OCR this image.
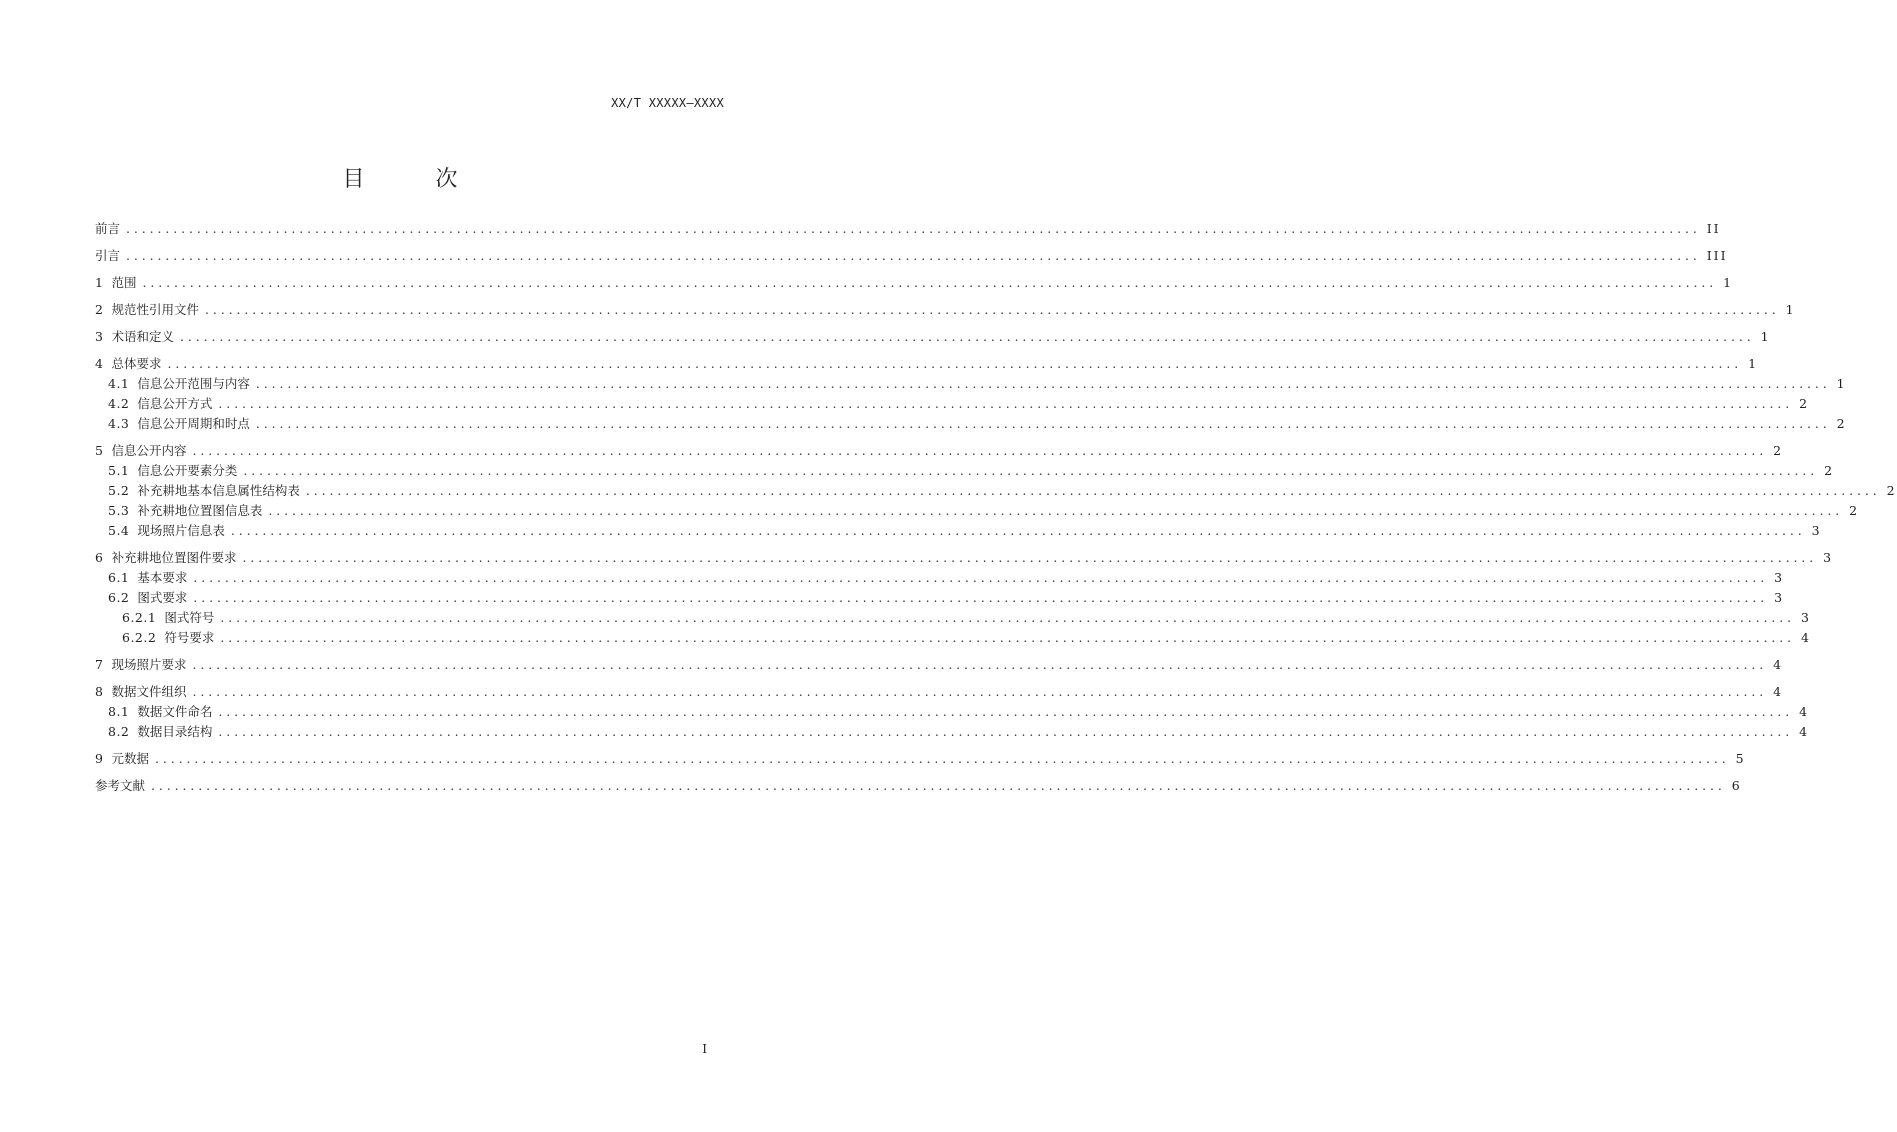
XX/T XXXXX—XXXX
目 次
前言 ........................................................................................................................................................................................................ II
引言 ........................................................................................................................................................................................................ III
1 范围 ........................................................................................................................................................................................................ 1
2 规范性引用文件 ........................................................................................................................................................................................................ 1
3 术语和定义 ........................................................................................................................................................................................................ 1
4 总体要求 ........................................................................................................................................................................................................ 1
4.1 信息公开范围与内容 ........................................................................................................................................................................................................ 1
4.2 信息公开方式 ........................................................................................................................................................................................................ 2
4.3 信息公开周期和时点 ........................................................................................................................................................................................................ 2
5 信息公开内容 ........................................................................................................................................................................................................ 2
5.1 信息公开要素分类 ........................................................................................................................................................................................................ 2
5.2 补充耕地基本信息属性结构表 ........................................................................................................................................................................................................ 2
5.3 补充耕地位置图信息表 ........................................................................................................................................................................................................ 2
5.4 现场照片信息表 ........................................................................................................................................................................................................ 3
6 补充耕地位置图件要求 ........................................................................................................................................................................................................ 3
6.1 基本要求 ........................................................................................................................................................................................................ 3
6.2 图式要求 ........................................................................................................................................................................................................ 3
6.2.1 图式符号 ........................................................................................................................................................................................................ 3
6.2.2 符号要求 ........................................................................................................................................................................................................ 4
7 现场照片要求 ........................................................................................................................................................................................................ 4
8 数据文件组织 ........................................................................................................................................................................................................ 4
8.1 数据文件命名 ........................................................................................................................................................................................................ 4
8.2 数据目录结构 ........................................................................................................................................................................................................ 4
9 元数据 ........................................................................................................................................................................................................ 5
参考文献 ........................................................................................................................................................................................................ 6
I
